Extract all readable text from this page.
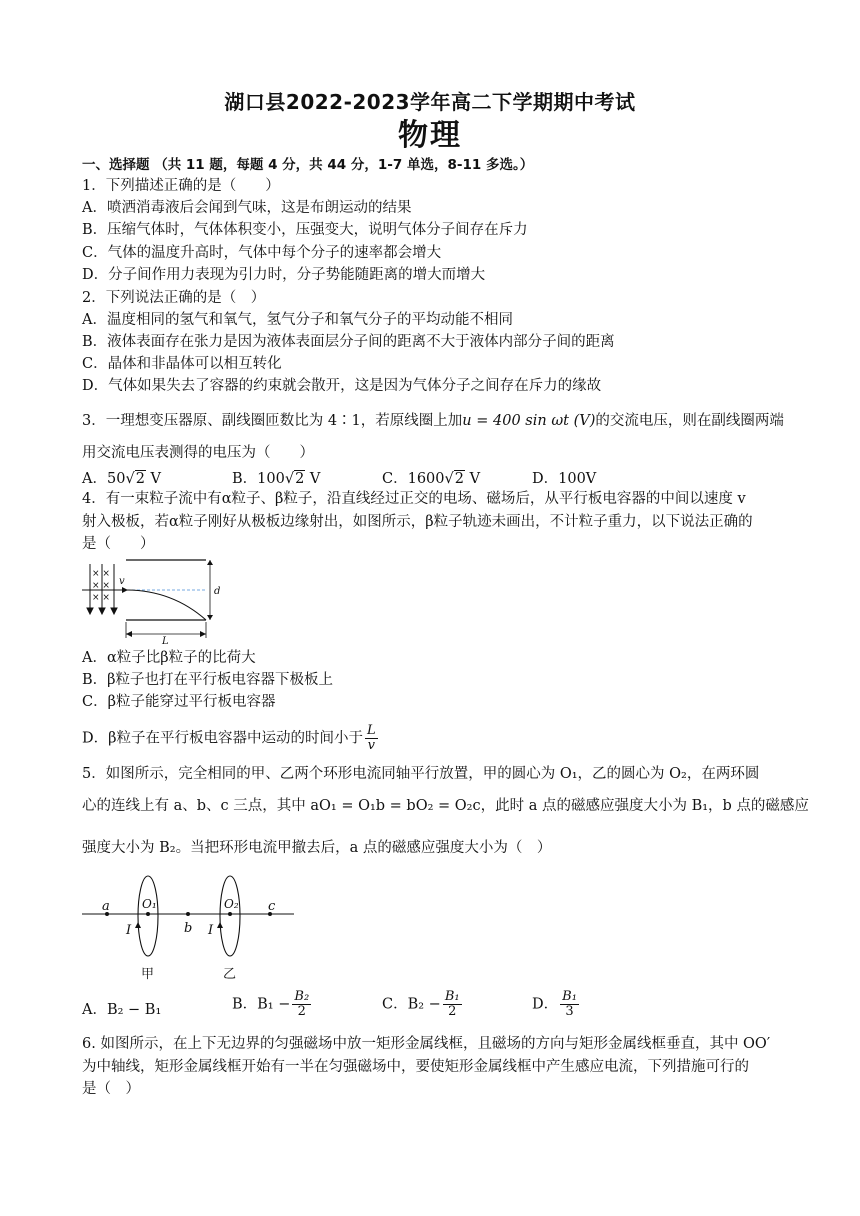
湖口县2022-2023学年高二下学期期中考试
物理
一、选择题 （共 11 题，每题 4 分，共 44 分，1-7 单选，8-11 多选。）
1．下列描述正确的是（　　）
A．喷洒消毒液后会闻到气味，这是布朗运动的结果
B．压缩气体时，气体体积变小，压强变大，说明气体分子间存在斥力
C．气体的温度升高时，气体中每个分子的速率都会增大
D．分子间作用力表现为引力时，分子势能随距离的增大而增大
2．下列说法正确的是（　）
A．温度相同的氢气和氧气，氢气分子和氧气分子的平均动能不相同
B．液体表面存在张力是因为液体表面层分子间的距离不大于液体内部分子间的距离
C．晶体和非晶体可以相互转化
D．气体如果失去了容器的约束就会散开，这是因为气体分子之间存在斥力的缘故
3．一理想变压器原、副线圈匝数比为 4∶1，若原线圈上加u = 400 sin ωt (V)的交流电压，则在副线圈两端
用交流电压表测得的电压为（　　）
A．50√2 V	B．100√2 V	C．1600√2 V	D．100V
4．有一束粒子流中有α粒子、β粒子，沿直线经过正交的电场、磁场后，从平行板电容器的中间以速度 v
射入极板，若α粒子刚好从极板边缘射出，如图所示，β粒子轨迹未画出，不计粒子重力，以下说法正确的
是（　　）
× ×
× ×
× ×
v
d
L
A．α粒子比β粒子的比荷大
B．β粒子也打在平行板电容器下极板上
C．β粒子能穿过平行板电容器
D．β粒子在平行板电容器中运动的时间小于 $\frac{L}{v}$
5．如图所示，完全相同的甲、乙两个环形电流同轴平行放置，甲的圆心为 O₁，乙的圆心为 O₂，在两环圆
心的连线上有 a、b、c 三点，其中 aO₁ = O₁b = bO₂ = O₂c，此时 a 点的磁感应强度大小为 B₁，b 点的磁感应
强度大小为 B₂。当把环形电流甲撤去后，a 点的磁感应强度大小为（　）
a	O₁
b
O₂ c
I	I
甲	乙
A．B₂ − B₁	B．$B_1 - \frac{\text{B₂}}{2}$	C．$B_2 - \frac{\text{B₁}}{2}$	D． $\frac{\text{B₁}}{3}$
6. 如图所示，在上下无边界的匀强磁场中放一矩形金属线框，且磁场的方向与矩形金属线框垂直，其中 OO′
为中轴线，矩形金属线框开始有一半在匀强磁场中，要使矩形金属线框中产生感应电流，下列措施可行的
是（　）
